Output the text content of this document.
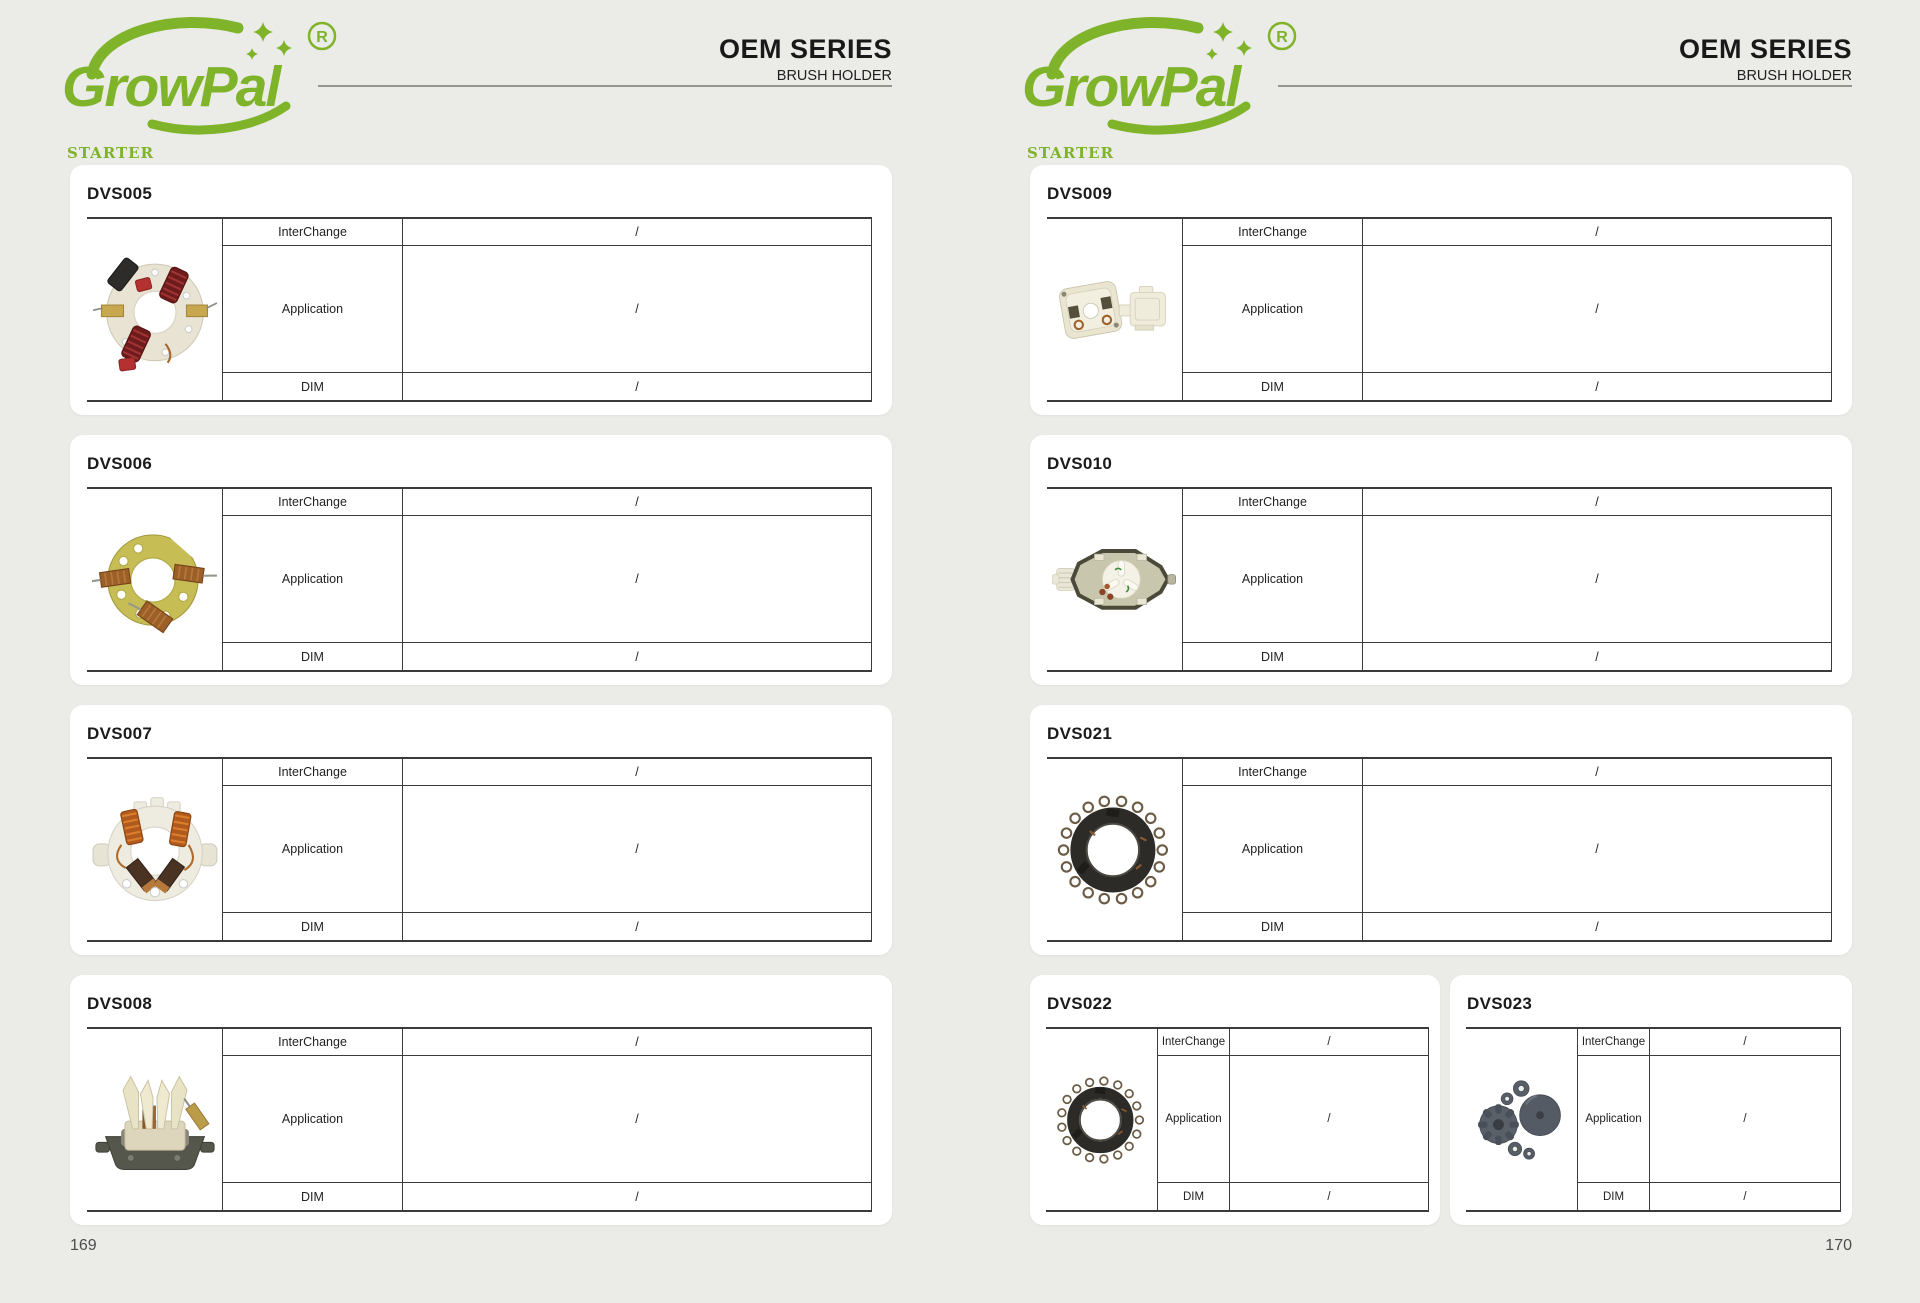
GrowPal
R	OEM SERIES
BRUSH HOLDER
STARTER
DVS005
InterChange	/
Application	/
DIM	/
DVS006
InterChange	/
Application	/
DIM	/
DVS007
InterChange	/
Application	/
DIM	/
DVS008
InterChange	/
Application	/
DIM	/
169
GrowPal
R	OEM SERIES
BRUSH HOLDER
STARTER
DVS009
InterChange	/
Application	/
DIM	/
DVS010
InterChange	/
Application	/
DIM	/
DVS021
InterChange	/
Application	/
DIM	/
DVS022
InterChange	/
Application	/
DIM	/
DVS023
InterChange	/
Application	/
DIM	/
170
